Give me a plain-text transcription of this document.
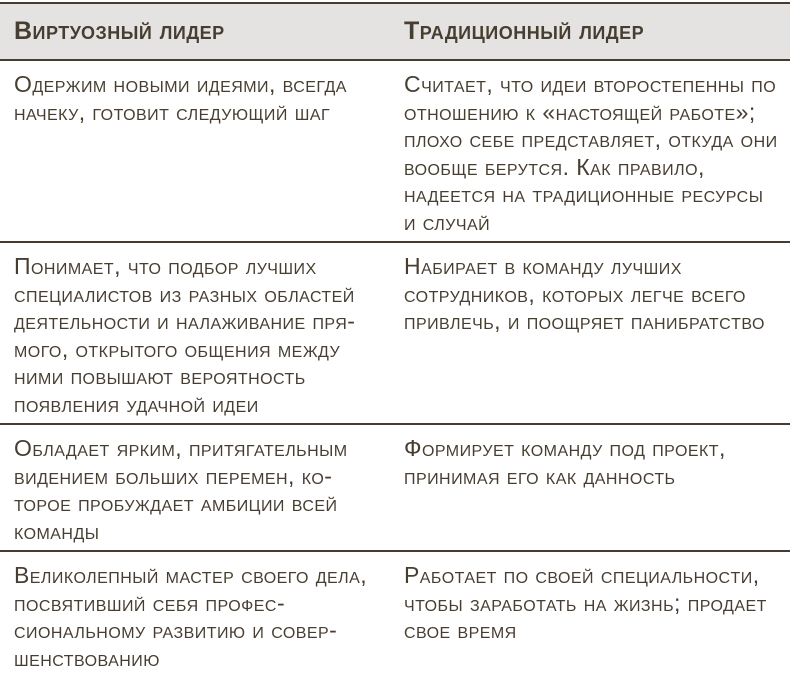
Виртуозный лидер	Традиционный лидер
Одержим новыми идеями, всегда начеку, готовит следующий шаг	Считает, что идеи второстепенны по отношению к «настоящей работе»; плохо себе представляет, откуда они вообще берутся. Как правило, надеется на традиционные ресурсы и случай
Понимает, что подбор лучших специалистов из разных областей деятельности и налаживание прямого, открытого общения между ними повышают вероятность появления удачной идеи	Набирает в команду лучших сотрудников, которых легче всего привлечь, и поощряет панибратство
Обладает ярким, притягательным видением больших перемен, которое пробуждает амбиции всей команды	Формирует команду под проект, принимая его как данность
Великолепный мастер своего дела, посвятивший себя профессиональному развитию и совершенствованию	Работает по своей специальности, чтобы заработать на жизнь; продает свое время
